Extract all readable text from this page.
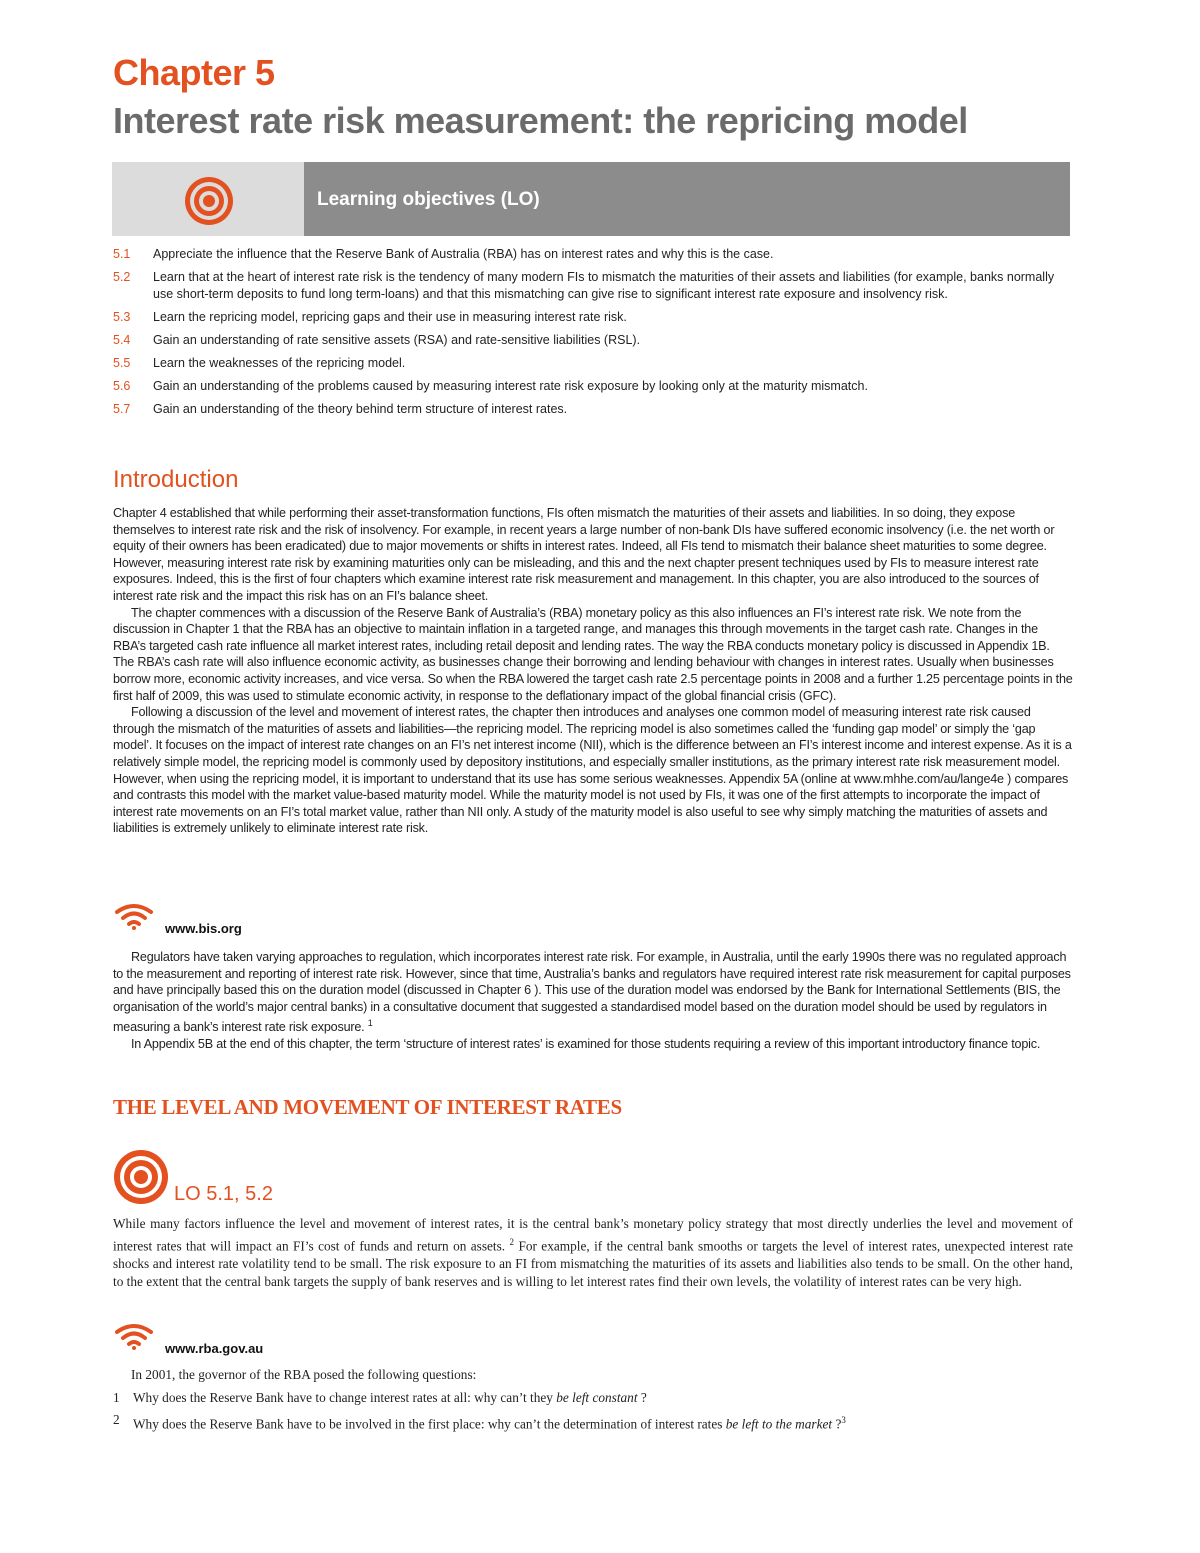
Chapter 5
Interest rate risk measurement: the repricing model
Learning objectives (LO)
5.1 Appreciate the influence that the Reserve Bank of Australia (RBA) has on interest rates and why this is the case.
5.2 Learn that at the heart of interest rate risk is the tendency of many modern FIs to mismatch the maturities of their assets and liabilities (for example, banks normally use short-term deposits to fund long term-loans) and that this mismatching can give rise to significant interest rate exposure and insolvency risk.
5.3 Learn the repricing model, repricing gaps and their use in measuring interest rate risk.
5.4 Gain an understanding of rate sensitive assets (RSA) and rate-sensitive liabilities (RSL).
5.5 Learn the weaknesses of the repricing model.
5.6 Gain an understanding of the problems caused by measuring interest rate risk exposure by looking only at the maturity mismatch.
5.7 Gain an understanding of the theory behind term structure of interest rates.
Introduction

Chapter 4 established that while performing their asset-transformation functions, FIs often mismatch the maturities of their assets and liabilities. In so doing, they expose themselves to interest rate risk and the risk of insolvency. For example, in recent years a large number of non-bank DIs have suffered economic insolvency (i.e. the net worth or equity of their owners has been eradicated) due to major movements or shifts in interest rates. Indeed, all FIs tend to mismatch their balance sheet maturities to some degree. However, measuring interest rate risk by examining maturities only can be misleading, and this and the next chapter present techniques used by FIs to measure interest rate exposures. Indeed, this is the first of four chapters which examine interest rate risk measurement and management. In this chapter, you are also introduced to the sources of interest rate risk and the impact this risk has on an FI’s balance sheet.

The chapter commences with a discussion of the Reserve Bank of Australia’s (RBA) monetary policy as this also influences an FI’s interest rate risk. We note from the discussion in Chapter 1 that the RBA has an objective to maintain inflation in a targeted range, and manages this through movements in the target cash rate. Changes in the RBA’s targeted cash rate influence all market interest rates, including retail deposit and lending rates. The way the RBA conducts monetary policy is discussed in Appendix 1B. The RBA’s cash rate will also influence economic activity, as businesses change their borrowing and lending behaviour with changes in interest rates. Usually when businesses borrow more, economic activity increases, and vice versa. So when the RBA lowered the target cash rate 2.5 percentage points in 2008 and a further 1.25 percentage points in the first half of 2009, this was used to stimulate economic activity, in response to the deflationary impact of the global financial crisis (GFC).

Following a discussion of the level and movement of interest rates, the chapter then introduces and analyses one common model of measuring interest rate risk caused through the mismatch of the maturities of assets and liabilities—the repricing model. The repricing model is also sometimes called the ‘funding gap model’ or simply the ‘gap model’. It focuses on the impact of interest rate changes on an FI’s net interest income (NII), which is the difference between an FI’s interest income and interest expense. As it is a relatively simple model, the repricing model is commonly used by depository institutions, and especially smaller institutions, as the primary interest rate risk measurement model. However, when using the repricing model, it is important to understand that its use has some serious weaknesses. Appendix 5A (online at www.mhhe.com/au/lange4e ) compares and contrasts this model with the market value-based maturity model. While the maturity model is not used by FIs, it was one of the first attempts to incorporate the impact of interest rate movements on an FI’s total market value, rather than NII only. A study of the maturity model is also useful to see why simply matching the maturities of assets and liabilities is extremely unlikely to eliminate interest rate risk.

www.bis.org

Regulators have taken varying approaches to regulation, which incorporates interest rate risk. For example, in Australia, until the early 1990s there was no regulated approach to the measurement and reporting of interest rate risk. However, since that time, Australia’s banks and regulators have required interest rate risk measurement for capital purposes and have principally based this on the duration model (discussed in Chapter 6 ). This use of the duration model was endorsed by the Bank for International Settlements (BIS, the organisation of the world’s major central banks) in a consultative document that suggested a standardised model based on the duration model should be used by regulators in measuring a bank’s interest rate risk exposure. $^1$

In Appendix 5B at the end of this chapter, the term ‘structure of interest rates’ is examined for those students requiring a review of this important introductory finance topic.

THE LEVEL AND MOVEMENT OF INTEREST RATES
LO 5.1, 5.2

While many factors influence the level and movement of interest rates, it is the central bank’s monetary policy strategy that most directly underlies the level and movement of interest rates that will impact an FI’s cost of funds and return on assets. $^2$ For example, if the central bank smooths or targets the level of interest rates, unexpected interest rate shocks and interest rate volatility tend to be small. The risk exposure to an FI from mismatching the maturities of its assets and liabilities also tends to be small. On the other hand, to the extent that the central bank targets the supply of bank reserves and is willing to let interest rates find their own levels, the volatility of interest rates can be very high.

www.rba.gov.au

In 2001, the governor of the RBA posed the following questions:

1 Why does the Reserve Bank have to change interest rates at all: why can’t they be left constant ?
2 Why does the Reserve Bank have to be involved in the first place: why can’t the determination of interest rates be left to the market ?$^3$
